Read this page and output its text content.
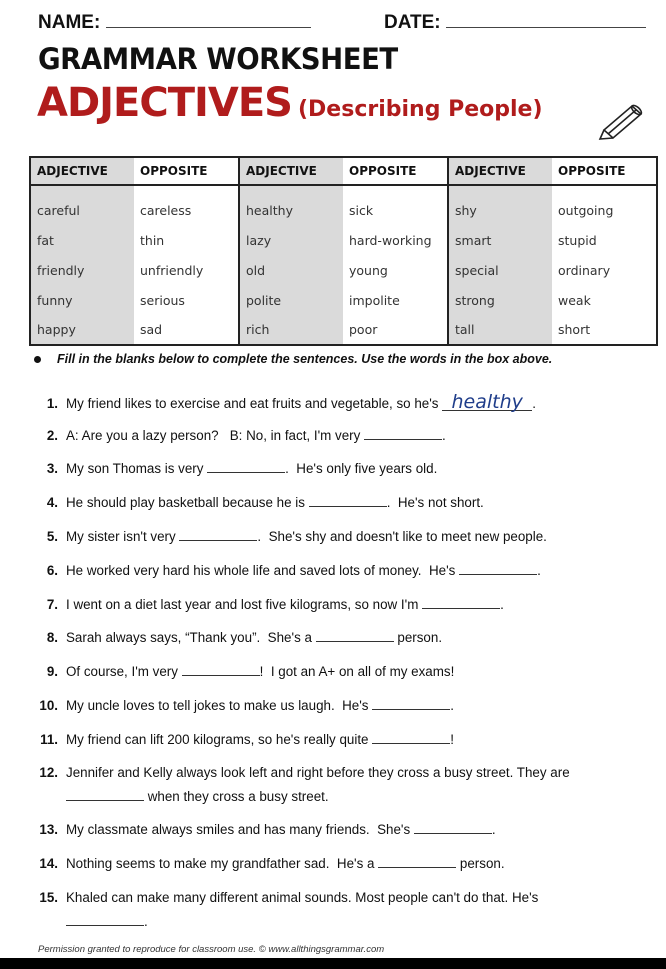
NAME:	DATE:
GRAMMAR WORKSHEET
ADJECTIVES (Describing People)
ADJECTIVE	OPPOSITE	ADJECTIVE	OPPOSITE	ADJECTIVE	OPPOSITE
careful	careless	healthy	sick	shy	outgoing
fat	thin	lazy	hard-working	smart	stupid
friendly	unfriendly	old	young	special	ordinary
funny	serious	polite	impolite	strong	weak
happy	sad	rich	poor	tall	short
Fill in the blanks below to complete the sentences. Use the words in the box above.
1. My friend likes to exercise and eat fruits and vegetable, so he's healthy .
2. A: Are you a lazy person?   B: No, in fact, I'm very	.
3. My son Thomas is very	.  He's only five years old.
4. He should play basketball because he is	.  He's not short.
5. My sister isn't very	.  She's shy and doesn't like to meet new people.
6. He worked very hard his whole life and saved lots of money.  He's	.
7. I went on a diet last year and lost five kilograms, so now I'm	.
8. Sarah always says, “Thank you”.  She's a	person.
9. Of course, I'm very	!  I got an A+ on all of my exams!
10. My uncle loves to tell jokes to make us laugh.  He's	.
11. My friend can lift 200 kilograms, so he's really quite	!
12. Jennifer and Kelly always look left and right before they cross a busy street. They are
when they cross a busy street.
13. My classmate always smiles and has many friends.  She's	.
14. Nothing seems to make my grandfather sad.  He's a	person.
15. Khaled can make many different animal sounds. Most people can't do that. He's
.
Permission granted to reproduce for classroom use. © www.allthingsgrammar.com
